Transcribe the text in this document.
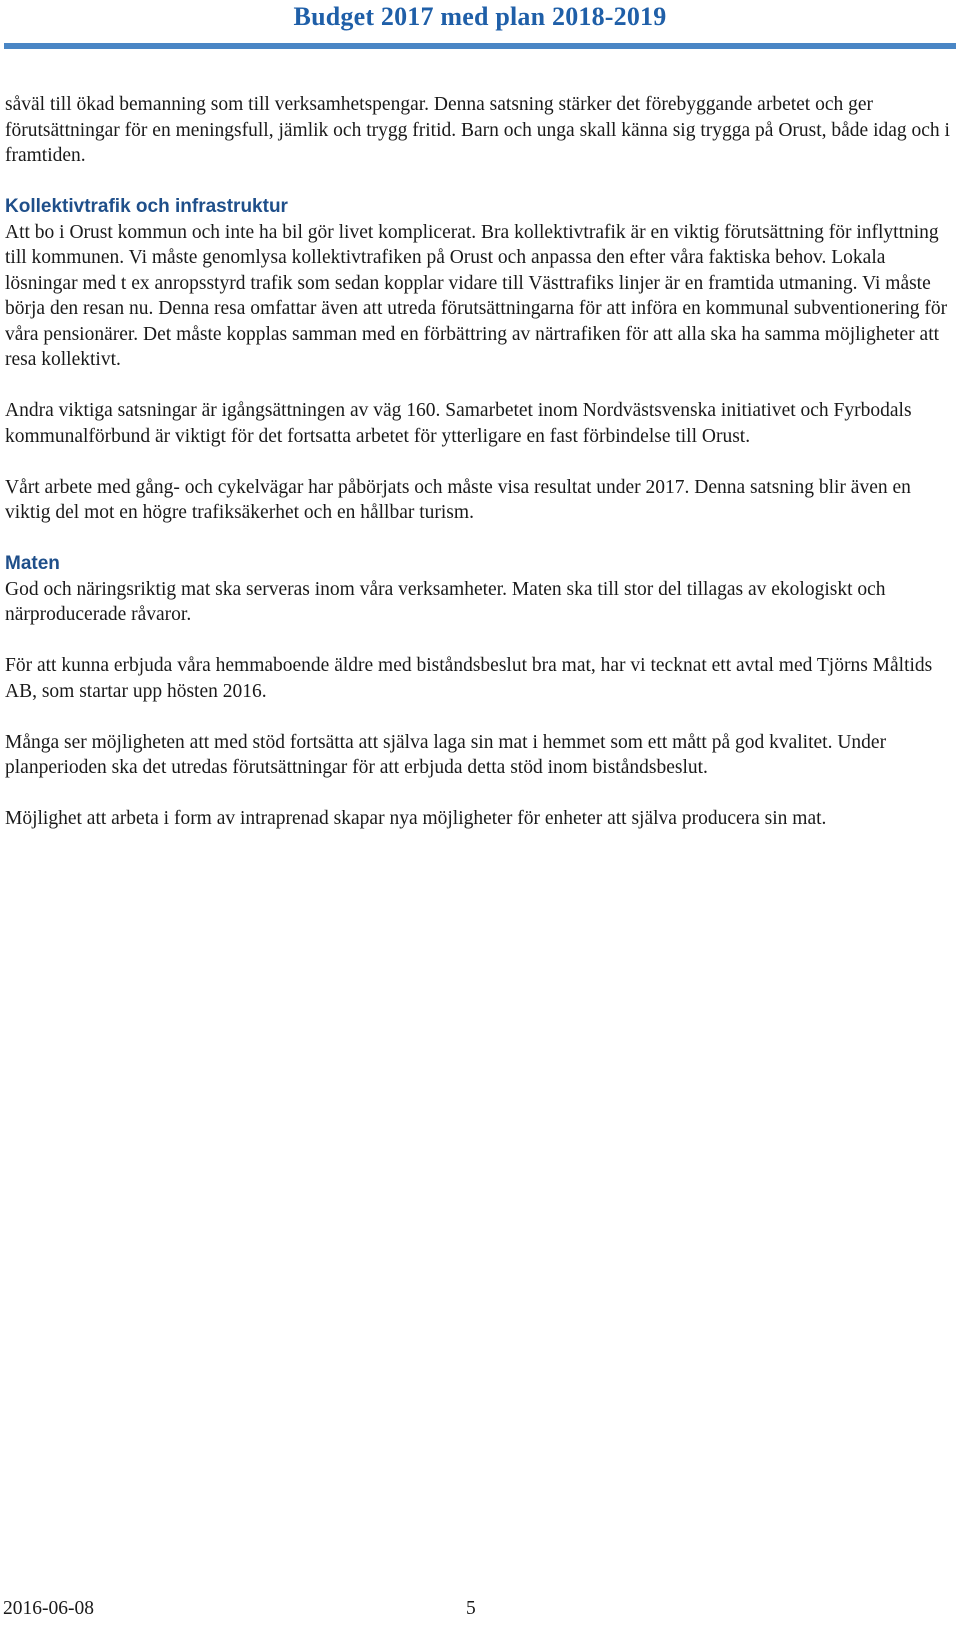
Budget 2017 med plan 2018-2019

såväl till ökad bemanning som till verksamhetspengar. Denna satsning stärker det förebyggande arbetet och ger förutsättningar för en meningsfull, jämlik och trygg fritid. Barn och unga skall känna sig trygga på Orust, både idag och i framtiden.

Kollektivtrafik och infrastruktur

Att bo i Orust kommun och inte ha bil gör livet komplicerat. Bra kollektivtrafik är en viktig förutsättning för inflyttning till kommunen. Vi måste genomlysa kollektivtrafiken på Orust och anpassa den efter våra faktiska behov. Lokala lösningar med t ex anropsstyrd trafik som sedan kopplar vidare till Västtrafiks linjer är en framtida utmaning. Vi måste börja den resan nu. Denna resa omfattar även att utreda förutsättningarna för att införa en kommunal subventionering för våra pensionärer. Det måste kopplas samman med en förbättring av närtrafiken för att alla ska ha samma möjligheter att resa kollektivt.

Andra viktiga satsningar är igångsättningen av väg 160. Samarbetet inom Nordvästsvenska initiativet och Fyrbodals kommunalförbund är viktigt för det fortsatta arbetet för ytterligare en fast förbindelse till Orust.

Vårt arbete med gång- och cykelvägar har påbörjats och måste visa resultat under 2017. Denna satsning blir även en viktig del mot en högre trafiksäkerhet och en hållbar turism.

Maten

God och näringsriktig mat ska serveras inom våra verksamheter. Maten ska till stor del tillagas av ekologiskt och närproducerade råvaror.

För att kunna erbjuda våra hemmaboende äldre med biståndsbeslut bra mat, har vi tecknat ett avtal med Tjörns Måltids AB, som startar upp hösten 2016.

Många ser möjligheten att med stöd fortsätta att själva laga sin mat i hemmet som ett mått på god kvalitet. Under planperioden ska det utredas förutsättningar för att erbjuda detta stöd inom biståndsbeslut.

Möjlighet att arbeta i form av intraprenad skapar nya möjligheter för enheter att själva producera sin mat.

2016-06-08	5
